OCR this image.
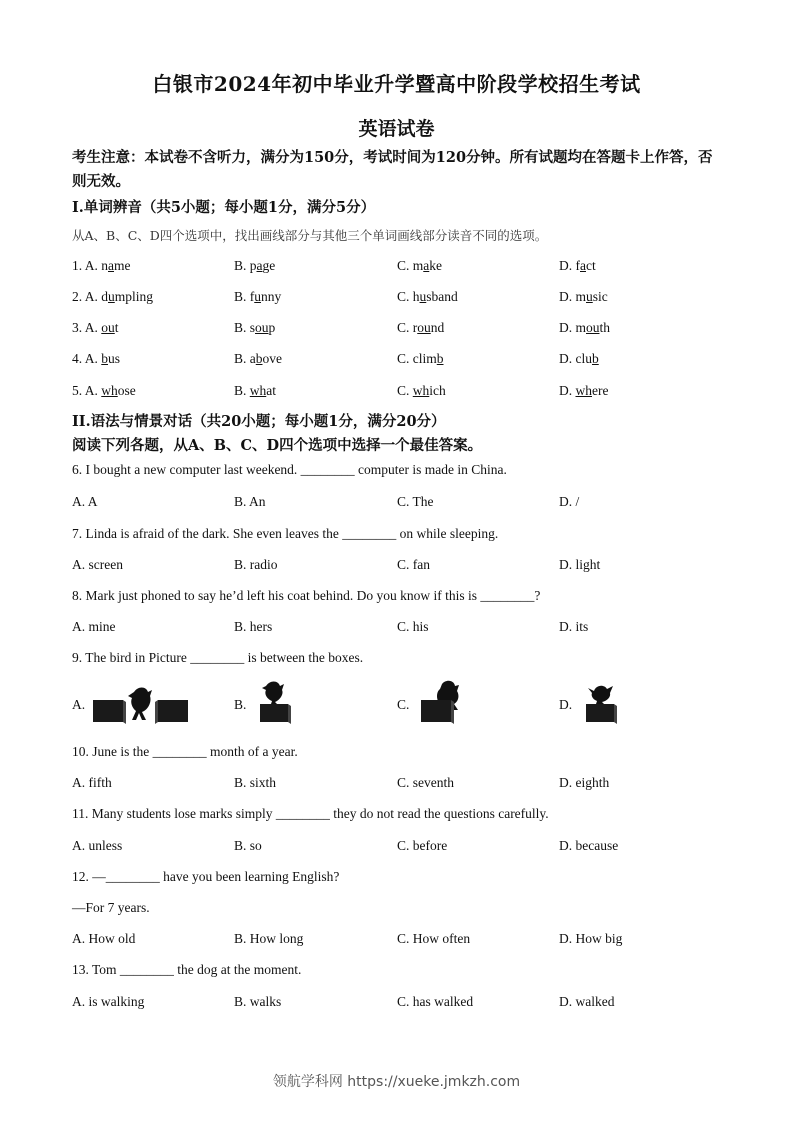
白银市2024年初中毕业升学暨高中阶段学校招生考试
英语试卷
考生注意：本试卷不含听力，满分为150分，考试时间为120分钟。所有试题均在答题卡上作答，否则无效。
I.单词辨音（共5小题；每小题1分，满分5分）
从A、B、C、D四个选项中，找出画线部分与其他三个单词画线部分读音不同的选项。
1. A. name	B. page	C. make	D. fact
2. A. dumpling	B. funny	C. husband	D. music
3. A. out	B. soup	C. round	D. mouth
4. A. bus	B. above	C. climb	D. club
5. A. whose	B. what	C. which	D. where
II.语法与情景对话（共20小题；每小题1分，满分20分）
阅读下列各题，从A、B、C、D四个选项中选择一个最佳答案。
6. I bought a new computer last weekend. ________ computer is made in China.
A. A	B. An	C. The	D. /
7. Linda is afraid of the dark. She even leaves the ________ on while sleeping.
A. screen	B. radio	C. fan	D. light
8. Mark just phoned to say he’d left his coat behind. Do you know if this is ________?
A. mine	B. hers	C. his	D. its
9. The bird in Picture ________ is between the boxes.
A.	B.	C.	D.
10. June is the ________ month of a year.
A. fifth	B. sixth	C. seventh	D. eighth
11. Many students lose marks simply ________ they do not read the questions carefully.
A. unless	B. so	C. before	D. because
12. —________ have you been learning English?
—For 7 years.
A. How old	B. How long	C. How often	D. How big
13. Tom ________ the dog at the moment.
A. is walking	B. walks	C. has walked	D. walked
领航学科网 https://xueke.jmkzh.com
